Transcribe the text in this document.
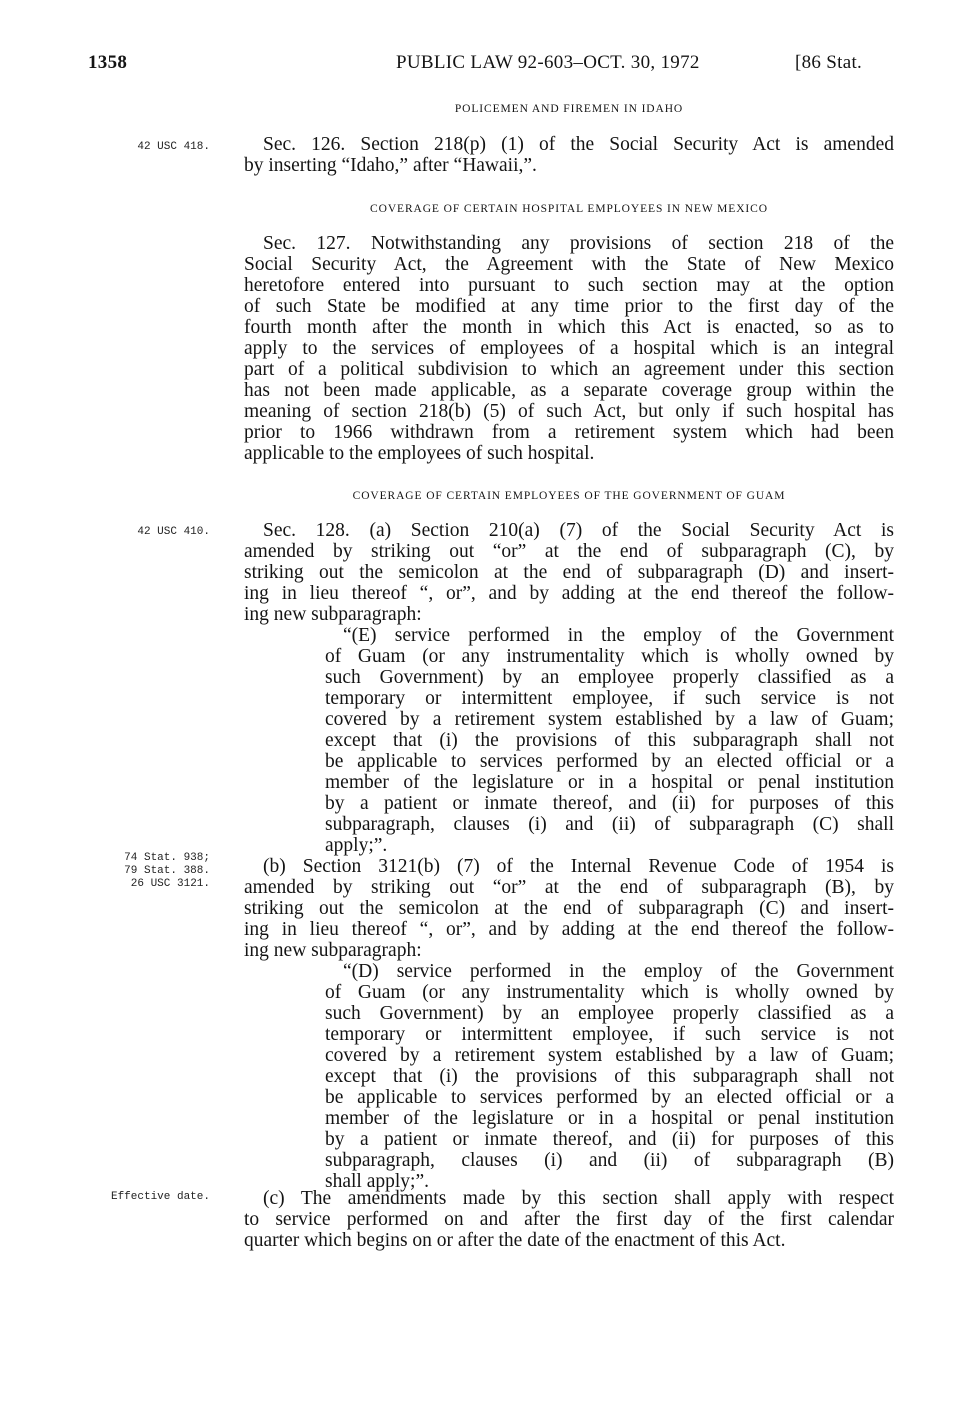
1358	PUBLIC LAW 92-603–OCT. 30, 1972	[86 Stat.
POLICEMEN AND FIREMEN IN IDAHO
42 USC 418.	Sec. 126. Section 218(p) (1) of the Social Security Act is amended
by inserting “Idaho,” after “Hawaii,”.
COVERAGE OF CERTAIN HOSPITAL EMPLOYEES IN NEW MEXICO
Sec. 127. Notwithstanding any provisions of section 218 of the
Social Security Act, the Agreement with the State of New Mexico
heretofore entered into pursuant to such section may at the option
of such State be modified at any time prior to the first day of the
fourth month after the month in which this Act is enacted, so as to
apply to the services of employees of a hospital which is an integral
part of a political subdivision to which an agreement under this section
has not been made applicable, as a separate coverage group within the
meaning of section 218(b) (5) of such Act, but only if such hospital has
prior to 1966 withdrawn from a retirement system which had been
applicable to the employees of such hospital.
COVERAGE OF CERTAIN EMPLOYEES OF THE GOVERNMENT OF GUAM
42 USC 410.	Sec. 128. (a) Section 210(a) (7) of the Social Security Act is
amended by striking out “or” at the end of subparagraph (C), by
striking out the semicolon at the end of subparagraph (D) and insert-
ing in lieu thereof “, or”, and by adding at the end thereof the follow-
ing new subparagraph:
“(E) service performed in the employ of the Government
of Guam (or any instrumentality which is wholly owned by
such Government) by an employee properly classified as a
temporary or intermittent employee, if such service is not
covered by a retirement system established by a law of Guam;
except that (i) the provisions of this subparagraph shall not
be applicable to services performed by an elected official or a
member of the legislature or in a hospital or penal institution
by a patient or inmate thereof, and (ii) for purposes of this
subparagraph, clauses (i) and (ii) of subparagraph (C) shall
apply;”.
74 Stat. 938;
79 Stat. 388.
26 USC 3121.
(b) Section 3121(b) (7) of the Internal Revenue Code of 1954 is
amended by striking out “or” at the end of subparagraph (B), by
striking out the semicolon at the end of subparagraph (C) and insert-
ing in lieu thereof “, or”, and by adding at the end thereof the follow-
ing new subparagraph:
“(D) service performed in the employ of the Government
of Guam (or any instrumentality which is wholly owned by
such Government) by an employee properly classified as a
temporary or intermittent employee, if such service is not
covered by a retirement system established by a law of Guam;
except that (i) the provisions of this subparagraph shall not
be applicable to services performed by an elected official or a
member of the legislature or in a hospital or penal institution
by a patient or inmate thereof, and (ii) for purposes of this
subparagraph, clauses (i) and (ii) of subparagraph (B)
shall apply;”.
Effective date.	(c) The amendments made by this section shall apply with respect
to service performed on and after the first day of the first calendar
quarter which begins on or after the date of the enactment of this Act.
